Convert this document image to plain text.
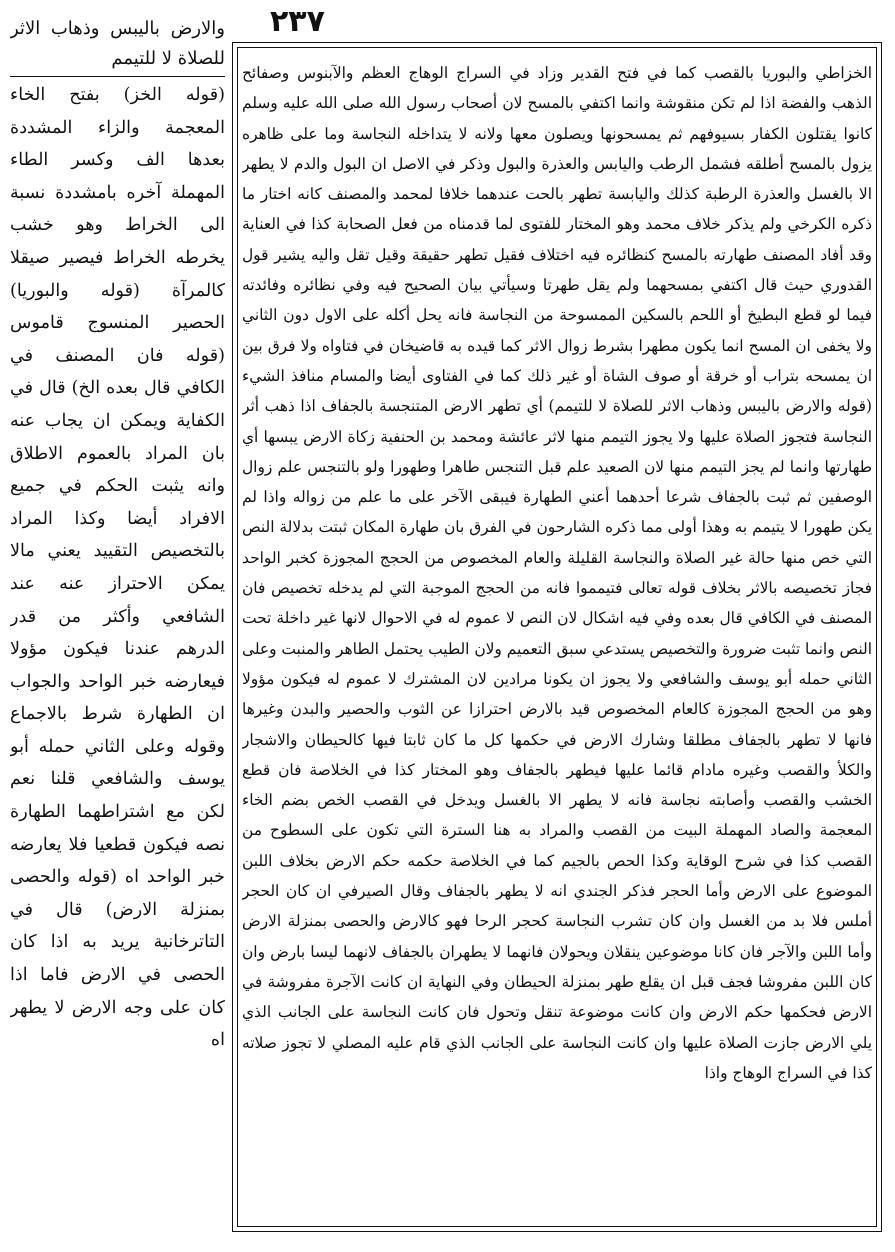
٢٣٧
والارض باليبس وذهاب الاثر للصلاة لا للتيمم

(قوله الخز) بفتح الخاء المعجمة والزاء المشددة بعدها الف وكسر الطاء المهملة آخره بامشددة نسبة الى الخراط وهو خشب يخرطه الخراط فيصير صيقلا كالمرآة (قوله والبوريا) الحصير المنسوج قاموس (قوله فان المصنف في الكافي قال بعده الخ) قال في الكفاية ويمكن ان يجاب عنه بان المراد بالعموم الاطلاق وانه يثبت الحكم في جميع الافراد أيضا وكذا المراد بالتخصيص التقييد يعني مالا يمكن الاحتراز عنه عند الشافعي وأكثر من قدر الدرهم عندنا فيكون مؤولا فيعارضه خبر الواحد والجواب ان الطهارة شرط بالاجماع وقوله وعلى الثاني حمله أبو يوسف والشافعي قلنا نعم لكن مع اشتراطهما الطهارة نصه فيكون قطعيا فلا يعارضه خبر الواحد اه (قوله والحصى بمنزلة الارض) قال في التاترخانية يريد به اذا كان الحصى في الارض فاما اذا كان على وجه الارض لا يطهر اه

الخزاطي والبوريا بالقصب كما في فتح القدير وزاد في السراج الوهاج العظم والآبنوس وصفائح الذهب والفضة اذا لم تكن منقوشة وانما اكتفي بالمسح لان أصحاب رسول الله صلى الله عليه وسلم كانوا يقتلون الكفار بسيوفهم ثم يمسحونها ويصلون معها ولانه لا يتداخله النجاسة وما على ظاهره يزول بالمسح أطلقه فشمل الرطب واليابس والعذرة والبول وذكر في الاصل ان البول والدم لا يطهر الا بالغسل والعذرة الرطبة كذلك واليابسة تطهر بالحت عندهما خلافا لمحمد والمصنف كانه اختار ما ذكره الكرخي ولم يذكر خلاف محمد وهو المختار للفتوى لما قدمناه من فعل الصحابة كذا في العناية وقد أفاد المصنف طهارته بالمسح كنظائره فيه اختلاف فقيل تطهر حقيقة وقيل تقل واليه يشير قول القدوري حيث قال اكتفي بمسحهما ولم يقل طهرتا وسيأتي بيان الصحيح فيه وفي نظائره وفائدته فيما لو قطع البطيخ أو اللحم بالسكين الممسوحة من النجاسة فانه يحل أكله على الاول دون الثاني ولا يخفى ان المسح انما يكون مطهرا بشرط زوال الاثر كما قيده به قاضيخان في فتاواه ولا فرق بين ان يمسحه بتراب أو خرقة أو صوف الشاة أو غير ذلك كما في الفتاوى أيضا والمسام منافذ الشيء (قوله والارض باليبس وذهاب الاثر للصلاة لا للتيمم) أي تطهر الارض المتنجسة بالجفاف اذا ذهب أثر النجاسة فتجوز الصلاة عليها ولا يجوز التيمم منها لاثر عائشة ومحمد بن الحنفية زكاة الارض يبسها أي طهارتها وانما لم يجز التيمم منها لان الصعيد علم قبل التنجس طاهرا وطهورا ولو بالتنجس علم زوال الوصفين ثم ثبت بالجفاف شرعا أحدهما أعني الطهارة فيبقى الآخر على ما علم من زواله واذا لم يكن طهورا لا يتيمم به وهذا أولى مما ذكره الشارحون في الفرق بان طهارة المكان ثبتت بدلالة النص التي خص منها حالة غير الصلاة والنجاسة القليلة والعام المخصوص من الحجج المجوزة كخبر الواحد فجاز تخصيصه بالاثر بخلاف قوله تعالى فتيمموا فانه من الحجج الموجبة التي لم يدخله تخصيص فان المصنف في الكافي قال بعده وفي فيه اشكال لان النص لا عموم له في الاحوال لانها غير داخلة تحت النص وانما تثبت ضرورة والتخصيص يستدعي سبق التعميم ولان الطيب يحتمل الطاهر والمنبت وعلى الثاني حمله أبو يوسف والشافعي ولا يجوز ان يكونا مرادين لان المشترك لا عموم له فيكون مؤولا وهو من الحجج المجوزة كالعام المخصوص قيد بالارض احترازا عن الثوب والحصير والبدن وغيرها فانها لا تطهر بالجفاف مطلقا وشارك الارض في حكمها كل ما كان ثابتا فيها كالحيطان والاشجار والكلأ والقصب وغيره مادام قائما عليها فيطهر بالجفاف وهو المختار كذا في الخلاصة فان قطع الخشب والقصب وأصابته نجاسة فانه لا يطهر الا بالغسل ويدخل في القصب الخص بضم الخاء المعجمة والصاد المهملة البيت من القصب والمراد به هنا السترة التي تكون على السطوح من القصب كذا في شرح الوقاية وكذا الحص بالجيم كما في الخلاصة حكمه حكم الارض بخلاف اللبن الموضوع على الارض وأما الحجر فذكر الجندي انه لا يطهر بالجفاف وقال الصيرفي ان كان الحجر أملس فلا بد من الغسل وان كان تشرب النجاسة كحجر الرحا فهو كالارض والحصى بمنزلة الارض وأما اللبن والآجر فان كانا موضوعين ينقلان ويحولان فانهما لا يطهران بالجفاف لانهما ليسا بارض وان كان اللبن مفروشا فجف قبل ان يقلع طهر بمنزلة الحيطان وفي النهاية ان كانت الآجرة مفروشة في الارض فحكمها حكم الارض وان كانت موضوعة تنقل وتحول فان كانت النجاسة على الجانب الذي يلي الارض جازت الصلاة عليها وان كانت النجاسة على الجانب الذي قام عليه المصلي لا تجوز صلاته كذا في السراج الوهاج واذا
